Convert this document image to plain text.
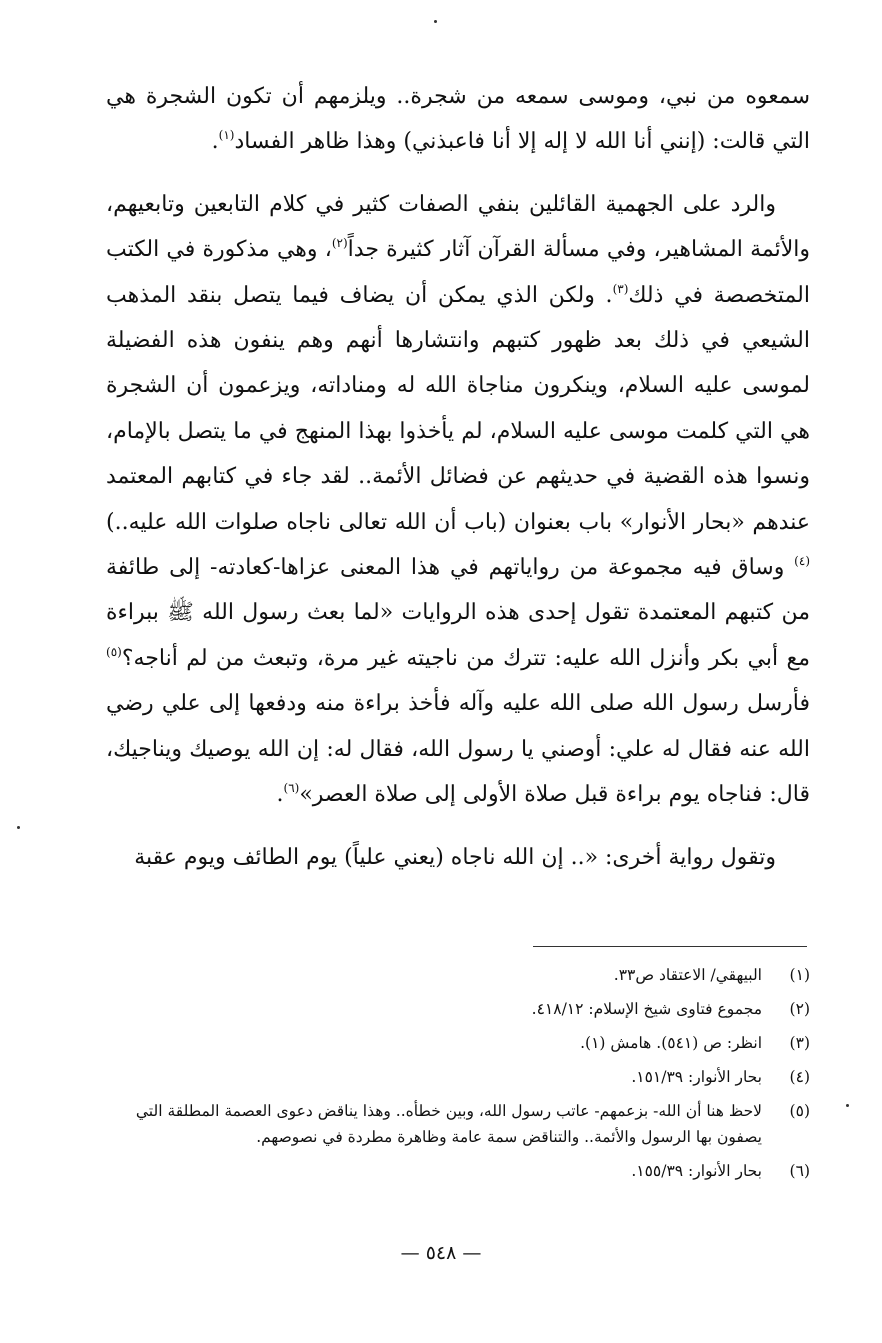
سمعوه من نبي، وموسى سمعه من شجرة.. ويلزمهم أن تكون الشجرة هي التي قالت: (إنني أنا الله لا إله إلا أنا فاعبذني) وهذا ظاهر الفساد$^{(١)}$.

والرد على الجهمية القائلين بنفي الصفات كثير في كلام التابعين وتابعيهم، والأئمة المشاهير، وفي مسألة القرآن آثار كثيرة جداً$^{(٢)}$، وهي مذكورة في الكتب المتخصصة في ذلك$^{(٣)}$. ولكن الذي يمكن أن يضاف فيما يتصل بنقد المذهب الشيعي في ذلك بعد ظهور كتبهم وانتشارها أنهم وهم ينفون هذه الفضيلة لموسى عليه السلام، وينكرون مناجاة الله له ومناداته، ويزعمون أن الشجرة هي التي كلمت موسى عليه السلام، لم يأخذوا بهذا المنهج في ما يتصل بالإمام، ونسوا هذه القضية في حديثهم عن فضائل الأئمة.. لقد جاء في كتابهم المعتمد عندهم «بحار الأنوار» باب بعنوان (باب أن الله تعالى ناجاه صلوات الله عليه..)$^{(٤)}$ وساق فيه مجموعة من رواياتهم في هذا المعنى عزاها-كعادته- إلى طائفة من كتبهم المعتمدة تقول إحدى هذه الروايات «لما بعث رسول الله ﷺ ببراءة مع أبي بكر وأنزل الله عليه: تترك من ناجيته غير مرة، وتبعث من لم أناجه؟$^{(٥)}$ فأرسل رسول الله صلى الله عليه وآله فأخذ براءة منه ودفعها إلى علي رضي الله عنه فقال له علي: أوصني يا رسول الله، فقال له: إن الله يوصيك ويناجيك، قال: فناجاه يوم براءة قبل صلاة الأولى إلى صلاة العصر»$^{(٦)}$.

وتقول رواية أخرى: «.. إن الله ناجاه (يعني علياً) يوم الطائف ويوم عقبة

(١)
البيهقي/ الاعتقاد ص٣٣.
(٢)
مجموع فتاوى شيخ الإسلام: ٤١٨/١٢.
(٣)
انظر: ص (٥٤١). هامش (١).
(٤)
بحار الأنوار: ١٥١/٣٩.
(٥)
لاحظ هنا أن الله- بزعمهم- عاتب رسول الله، وبين خطأه.. وهذا يناقض دعوى العصمة المطلقة التي يصفون بها الرسول والأئمة.. والتناقض سمة عامة وظاهرة مطردة في نصوصهم.
(٦)
بحار الأنوار: ١٥٥/٣٩.
— ٥٤٨ —
